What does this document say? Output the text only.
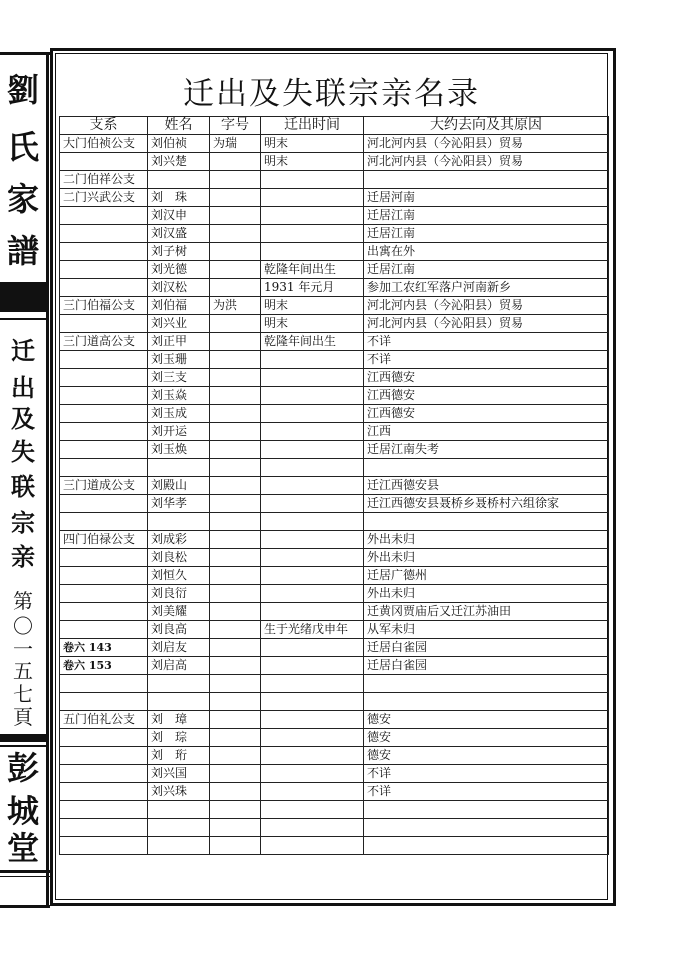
劉
氏
家
譜
迁
出
及
失
联
宗
亲
第
〇
一
五
七
頁
彭
城
堂
迁出及失联宗亲名录
支系	姓名	字号	迁出时间	大约去向及其原因
大门伯祯公支	刘伯祯	为瑞	明末	河北河内县（今沁阳县）贸易
	刘兴楚		明末	河北河内县（今沁阳县）贸易
二门伯祥公支				
二门兴武公支	刘　珠			迁居河南
	刘汉申			迁居江南
	刘汉盛			迁居江南
	刘子树			出寓在外
	刘光德		乾隆年间出生	迁居江南
	刘汉松		1931 年元月	参加工农红军落户河南新乡
三门伯福公支	刘伯福	为洪	明末	河北河内县（今沁阳县）贸易
	刘兴业		明末	河北河内县（今沁阳县）贸易
三门道高公支	刘正甲		乾隆年间出生	不详
	刘玉珊			不详
	刘三支			江西德安
	刘玉焱			江西德安
	刘玉成			江西德安
	刘开运			江西
	刘玉焕			迁居江南失考

三门道成公支	刘殿山			迁江西德安县
	刘华孝			迁江西德安县聂桥乡聂桥村六组徐家

四门伯禄公支	刘成彩			外出未归
	刘良松			外出未归
	刘恒久			迁居广德州
	刘良衍			外出未归
	刘美耀			迁黄冈贾庙后又迁江苏油田
	刘良高		生于光绪戊申年	从军未归
卷六 143	刘启友			迁居白雀园
卷六 153	刘启高			迁居白雀园

五门伯礼公支	刘　璋			德安
	刘　琮			德安
	刘　珩			德安
	刘兴国			不详
	刘兴珠			不详
